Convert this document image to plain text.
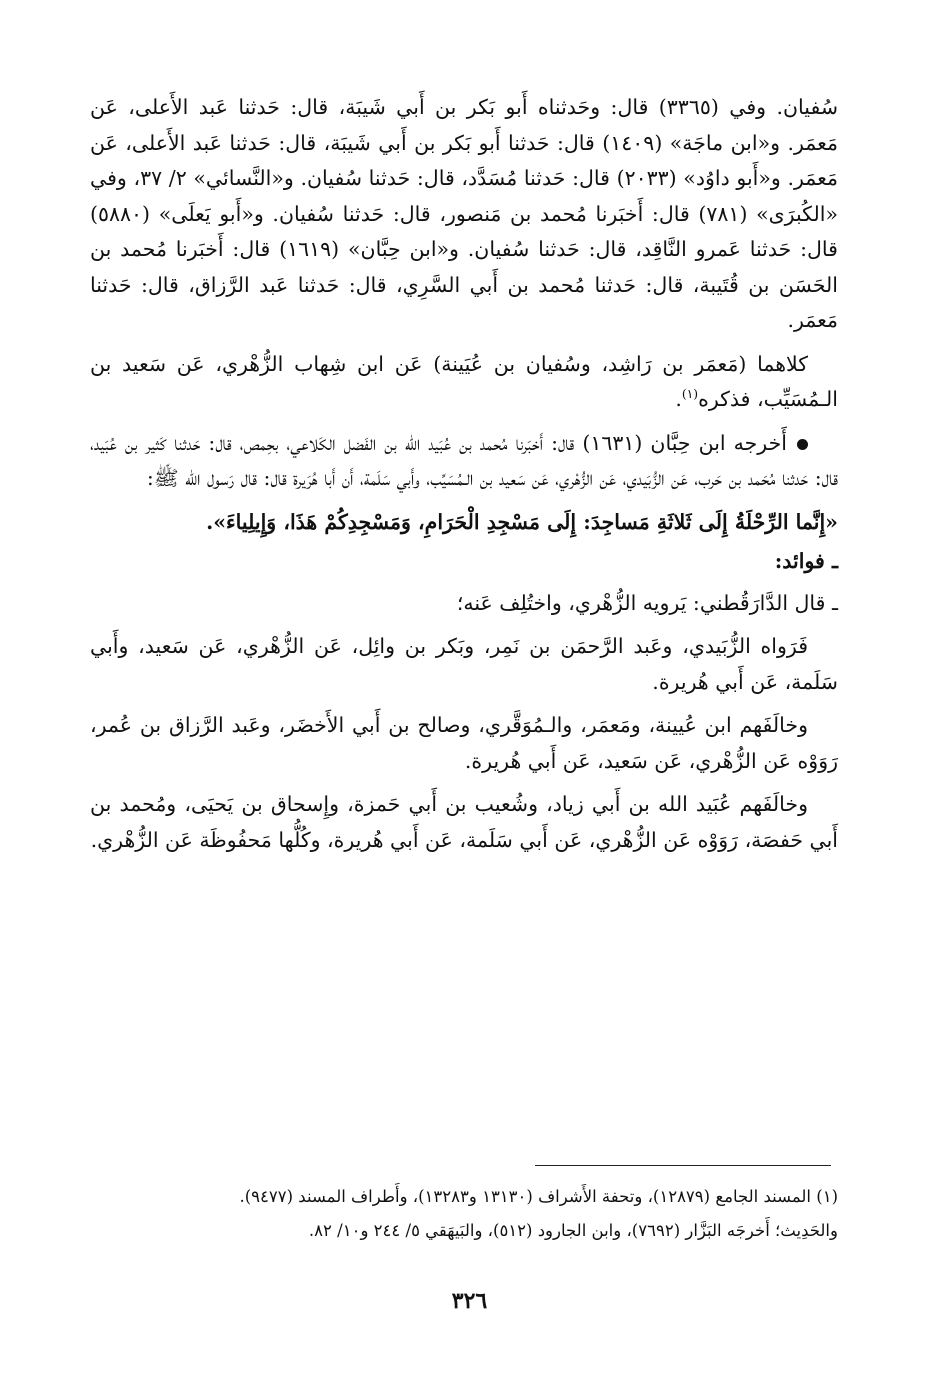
سُفيان. وفي (٣٣٦٥) قال: وحَدثناه أَبو بَكر بن أَبي شَيبَة، قال: حَدثنا عَبد الأَعلى، عَن مَعمَر. و«ابن ماجَة» (١٤٠٩) قال: حَدثنا أَبو بَكر بن أَبي شَيبَة، قال: حَدثنا عَبد الأَعلى، عَن مَعمَر. و«أَبو داوُد» (٢٠٣٣) قال: حَدثنا مُسَدَّد، قال: حَدثنا سُفيان. و«النَّسائي» ٢/ ٣٧، وفي «الكُبرَى» (٧٨١) قال: أَخبَرنا مُحمد بن مَنصور، قال: حَدثنا سُفيان. و«أَبو يَعلَى» (٥٨٨٠) قال: حَدثنا عَمرو النَّاقِد، قال: حَدثنا سُفيان. و«ابن حِبَّان» (١٦١٩) قال: أَخبَرنا مُحمد بن الحَسَن بن قُتَيبة، قال: حَدثنا مُحمد بن أَبي السَّرِي، قال: حَدثنا عَبد الرَّزاق، قال: حَدثنا مَعمَر.

كلاهما (مَعمَر بن رَاشِد، وسُفيان بن عُيَينة) عَن ابن شِهاب الزُّهْري، عَن سَعيد بن الـمُسَيِّب، فذكره$^{(١)}$.

أَخرجه ابن حِبَّان (١٦٣١) قال: أَخبَرنا مُحمد بن عُبَيد الله بن الفَضل الكَلاعي، بحِمص، قال: حَدثنا كَثير بن عُبَيد، قال: حَدثنا مُحَمد بن حَرب، عَن الزُّبَيدي، عَن الزُّهْري، عَن سَعيد بن الـمُسَيِّب، وأَبي سَلَمة، أَن أَبا هُرَيرة قال: قال رَسول الله ﷺ:

«إِنَّما الرِّحْلَةُ إِلَى ثَلاثَةِ مَساجِدَ: إِلَى مَسْجِدِ الْحَرَامِ، وَمَسْجِدِكُمْ هَذَا، وَإِيلِياءَ».

ـ فوائد:

ـ قال الدَّارَقُطني: يَرويه الزُّهْري، واختُلِف عَنه؛

فَرَواه الزُّبَيدي، وعَبد الرَّحمَن بن نَمِر، وبَكر بن وائِل، عَن الزُّهْري، عَن سَعيد، وأَبي سَلَمة، عَن أَبي هُريرة.

وخالَفَهم ابن عُيينة، ومَعمَر، والـمُوَقَّري، وصالح بن أَبي الأَخضَر، وعَبد الرَّزاق بن عُمر، رَوَوْه عَن الزُّهْري، عَن سَعيد، عَن أَبي هُريرة.

وخالَفَهم عُبَيد الله بن أَبي زياد، وشُعيب بن أَبي حَمزة، وإِسحاق بن يَحيَى، ومُحمد بن أَبي حَفصَة، رَوَوْه عَن الزُّهْري، عَن أَبي سَلَمة، عَن أَبي هُريرة، وكُلُّها مَحفُوظَة عَن الزُّهْري.

(١) المسند الجامع (١٢٨٧٩)، وتحفة الأَشراف (١٣١٣٠ و١٣٢٨٣)، وأَطراف المسند (٩٤٧٧).

والحَدِيث؛ أَخرجَه البَزَّار (٧٦٩٢)، وابن الجارود (٥١٢)، والبَيهَقي ٥/ ٢٤٤ و١٠/ ٨٢.

٣٢٦
